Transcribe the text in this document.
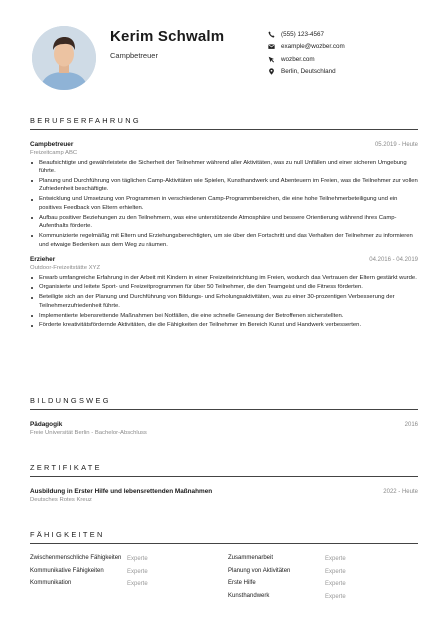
Kerim Schwalm
Campbetreuer
(555) 123-4567
example@wozber.com
wozber.com
Berlin, Deutschland
BERUFSERFAHRUNG
Campbetreuer	05.2019 - Heute
Freizeitcamp ABC
Beaufsichtigte und gewährleistete die Sicherheit der Teilnehmer während aller Aktivitäten, was zu null Unfällen und einer sicheren Umgebung führte.
Planung und Durchführung von täglichen Camp-Aktivitäten wie Spielen, Kunsthandwerk und Abenteuern im Freien, was die Teilnehmer zur vollen Zufriedenheit beschäftigte.
Entwicklung und Umsetzung von Programmen in verschiedenen Camp-Programmbereichen, die eine hohe Teilnehmerbeteiligung und ein positives Feedback von Eltern erhielten.
Aufbau positiver Beziehungen zu den Teilnehmern, was eine unterstützende Atmosphäre und bessere Orientierung während ihres Camp-Aufenthalts förderte.
Kommunizierte regelmäßig mit Eltern und Erziehungsberechtigten, um sie über den Fortschritt und das Verhalten der Teilnehmer zu informieren und etwaige Bedenken aus dem Weg zu räumen.
Erzieher	04.2016 - 04.2019
Outdoor-Freizeitstätte XYZ
Erwarb umfangreiche Erfahrung in der Arbeit mit Kindern in einer Freizeiteinrichtung im Freien, wodurch das Vertrauen der Eltern gestärkt wurde.
Organisierte und leitete Sport- und Freizeitprogrammen für über 50 Teilnehmer, die den Teamgeist und die Fitness förderten.
Beteiligte sich an der Planung und Durchführung von Bildungs- und Erholungsaktivitäten, was zu einer 30-prozentigen Verbesserung der Teilnehmerzufriedenheit führte.
Implementierte lebensrettende Maßnahmen bei Notfällen, die eine schnelle Genesung der Betroffenen sicherstellten.
Förderte kreativitätsfördernde Aktivitäten, die die Fähigkeiten der Teilnehmer im Bereich Kunst und Handwerk verbesserten.
BILDUNGSWEG
Pädagogik	2016
Freie Universität Berlin - Bachelor-Abschluss
ZERTIFIKATE
Ausbildung in Erster Hilfe und lebensrettenden Maßnahmen	2022 - Heute
Deutsches Rotes Kreuz
FÄHIGKEITEN
Zwischenmenschliche Fähigkeiten Experte
Kommunikative Fähigkeiten	Experte
Kommunikation	Experte
Zusammenarbeit	Experte
Planung von Aktivitäten	Experte
Erste Hilfe	Experte
Kunsthandwerk	Experte
